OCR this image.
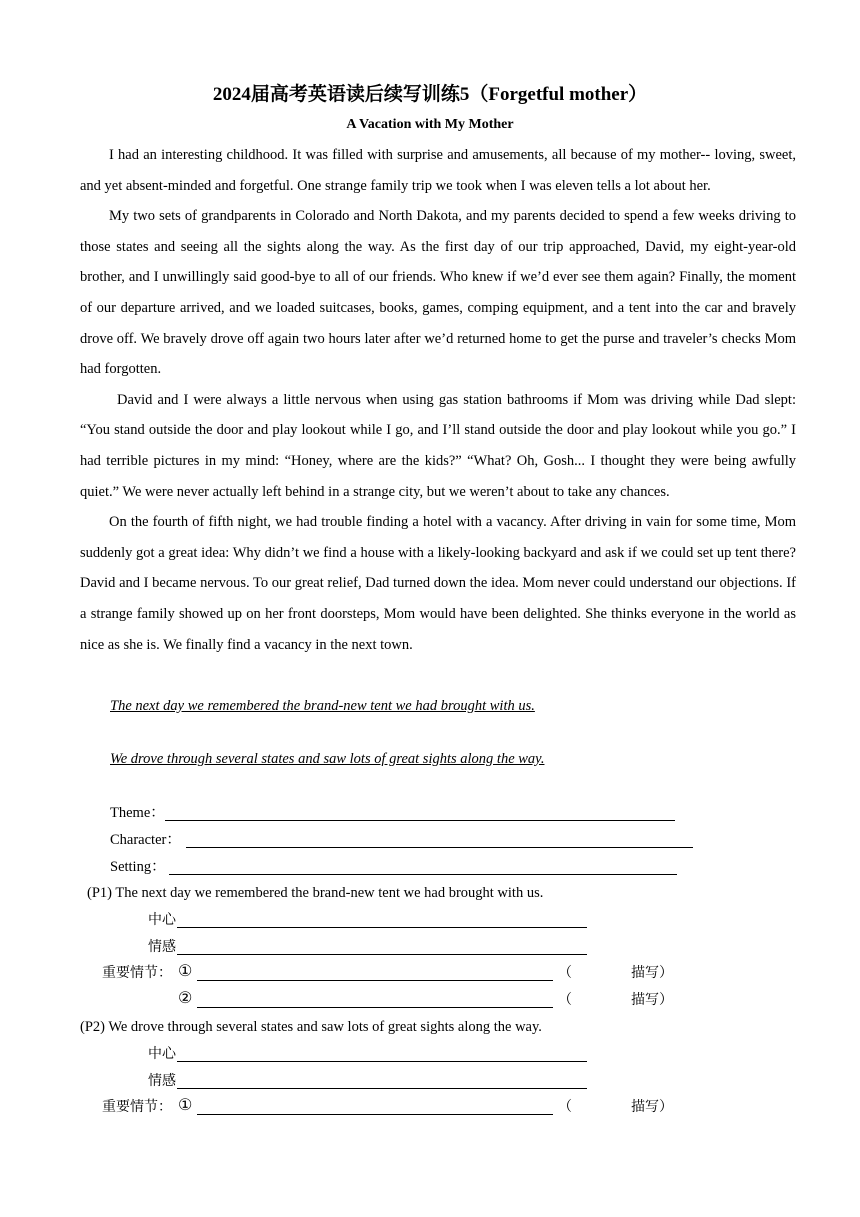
2024届高考英语读后续写训练5（Forgetful mother）
A Vacation with My Mother

I had an interesting childhood. It was filled with surprise and amusements, all because of my mother-- loving, sweet, and yet absent-minded and forgetful. One strange family trip we took when I was eleven tells a lot about her.

My two sets of grandparents in Colorado and North Dakota, and my parents decided to spend a few weeks driving to those states and seeing all the sights along the way. As the first day of our trip approached, David, my eight-year-old brother, and I unwillingly said good-bye to all of our friends. Who knew if we’d ever see them again? Finally, the moment of our departure arrived, and we loaded suitcases, books, games, comping equipment, and a tent into the car and bravely drove off. We bravely drove off again two hours later after we’d returned home to get the purse and traveler’s checks Mom had forgotten.

David and I were always a little nervous when using gas station bathrooms if Mom was driving while Dad slept: “You stand outside the door and play lookout while I go, and I’ll stand outside the door and play lookout while you go.” I had terrible pictures in my mind: “Honey, where are the kids?” “What? Oh, Gosh... I thought they were being awfully quiet.” We were never actually left behind in a strange city, but we weren’t about to take any chances.

On the fourth of fifth night, we had trouble finding a hotel with a vacancy. After driving in vain for some time, Mom suddenly got a great idea: Why didn’t we find a house with a likely-looking backyard and ask if we could set up tent there? David and I became nervous. To our great relief, Dad turned down the idea. Mom never could understand our objections. If a strange family showed up on her front doorsteps, Mom would have been delighted. She thinks everyone in the world as nice as she is. We finally find a vacancy in the next town.

The next day we remembered the brand-new tent we had brought with us.
We drove through several states and saw lots of great sights along the way.
Theme：
Character：
Setting：
(P1) The next day we remembered the brand-new tent we had brought with us.
中心
情感
重要情节： ①	（	描写）
②	（	描写）
(P2) We drove through several states and saw lots of great sights along the way.
中心
情感
重要情节： ①	（	描写）
